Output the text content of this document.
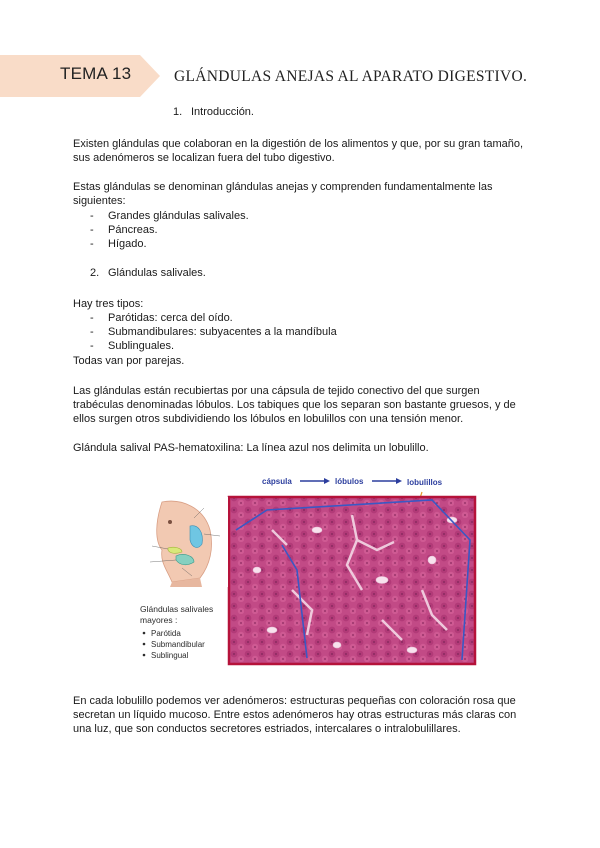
TEMA 13	GLÁNDULAS ANEJAS AL APARATO DIGESTIVO.
1. Introducción.
Existen glándulas que colaboran en la digestión de los alimentos y que, por su gran tamaño,
sus adenómeros se localizan fuera del tubo digestivo.
Estas glándulas se denominan glándulas anejas y comprenden fundamentalmente las
siguientes:
- Grandes glándulas salivales.
- Páncreas.
- Hígado.
2. Glándulas salivales.
Hay tres tipos:
- Parótidas: cerca del oído.
- Submandibulares: subyacentes a la mandíbula
- Sublinguales.
Todas van por parejas.
Las glándulas están recubiertas por una cápsula de tejido conectivo del que surgen
trabéculas denominadas lóbulos. Los tabiques que los separan son bastante gruesos, y de
ellos surgen otros subdividiendo los lóbulos en lobulillos con una tensión menor.
Glándula salival PAS-hematoxilina: La línea azul nos delimita un lobulillo.
cápsula	lóbulos	lobulillos
Glándulas salivales
mayores :
Parótida
Submandibular
Sublingual
En cada lobulillo podemos ver adenómeros: estructuras pequeñas con coloración rosa que
secretan un líquido mucoso. Entre estos adenómeros hay otras estructuras más claras con
una luz, que son conductos secretores estriados, intercalares o intralobulillares.
